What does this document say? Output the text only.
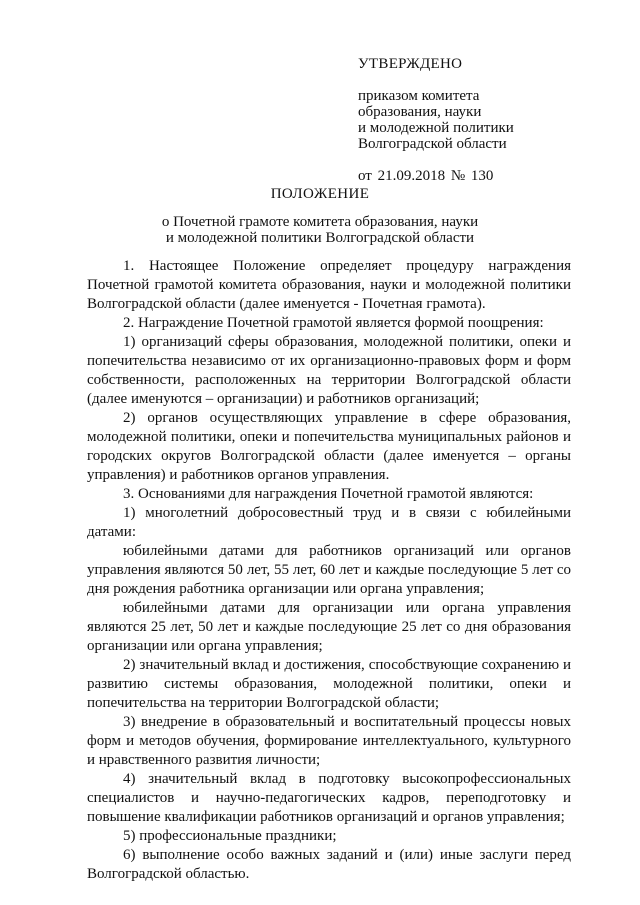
УТВЕРЖДЕНО
приказом комитета
образования, науки
и молодежной политики
Волгоградской области
от 21.09.2018 № 130
ПОЛОЖЕНИЕ
о Почетной грамоте комитета образования, науки
и молодежной политики Волгоградской области

1. Настоящее Положение определяет процедуру награждения Почетной грамотой комитета образования, науки и молодежной политики Волгоградской области (далее именуется - Почетная грамота).

2. Награждение Почетной грамотой является формой поощрения:

1) организаций сферы образования, молодежной политики, опеки и попечительства независимо от их организационно-правовых форм и форм собственности, расположенных на территории Волгоградской области (далее именуются – организации) и работников организаций;

2) органов осуществляющих управление в сфере образования, молодежной политики, опеки и попечительства муниципальных районов и городских округов Волгоградской области (далее именуется – органы управления) и работников органов управления.

3. Основаниями для награждения Почетной грамотой являются:

1) многолетний добросовестный труд и в связи с юбилейными датами:

юбилейными датами для работников организаций или органов управления являются 50 лет, 55 лет, 60 лет и каждые последующие 5 лет со дня рождения работника организации или органа управления;

юбилейными датами для организации или органа управления являются 25 лет, 50 лет и каждые последующие 25 лет со дня образования организации или органа управления;

2) значительный вклад и достижения, способствующие сохранению и развитию системы образования, молодежной политики, опеки и попечительства на территории Волгоградской области;

3) внедрение в образовательный и воспитательный процессы новых форм и методов обучения, формирование интеллектуального, культурного и нравственного развития личности;

4) значительный вклад в подготовку высокопрофессиональных специалистов и научно-педагогических кадров, переподготовку и повышение квалификации работников организаций и органов управления;

5) профессиональные праздники;

6) выполнение особо важных заданий и (или) иные заслуги перед Волгоградской областью.
